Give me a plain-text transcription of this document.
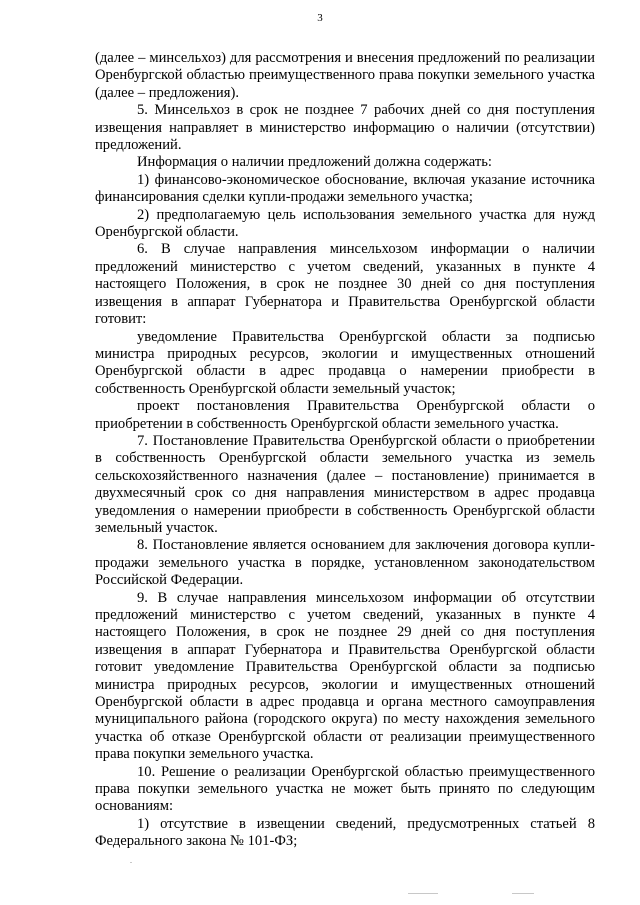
3

(далее – минсельхоз) для рассмотрения и внесения предложений по реализации Оренбургской областью преимущественного права покупки земельного участка (далее – предложения).

5. Минсельхоз в срок не позднее 7 рабочих дней со дня поступления извещения направляет в министерство информацию о наличии (отсутствии) предложений.

Информация о наличии предложений должна содержать:

1) финансово-экономическое обоснование, включая указание источника финансирования сделки купли-продажи земельного участка;

2) предполагаемую цель использования земельного участка для нужд Оренбургской области.

6. В случае направления минсельхозом информации о наличии предложений министерство с учетом сведений, указанных в пункте 4 настоящего Положения, в срок не позднее 30 дней со дня поступления извещения в аппарат Губернатора и Правительства Оренбургской области готовит:

уведомление Правительства Оренбургской области за подписью министра природных ресурсов, экологии и имущественных отношений Оренбургской области в адрес продавца о намерении приобрести в собственность Оренбургской области земельный участок;

проект постановления Правительства Оренбургской области о приобретении в собственность Оренбургской области земельного участка.

7. Постановление Правительства Оренбургской области о приобретении в собственность Оренбургской области земельного участка из земель сельскохозяйственного назначения (далее – постановление) принимается в двухмесячный срок со дня направления министерством в адрес продавца уведомления о намерении приобрести в собственность Оренбургской области земельный участок.

8. Постановление является основанием для заключения договора купли-продажи земельного участка в порядке, установленном законодательством Российской Федерации.

9. В случае направления минсельхозом информации об отсутствии предложений министерство с учетом сведений, указанных в пункте 4 настоящего Положения, в срок не позднее 29 дней со дня поступления извещения в аппарат Губернатора и Правительства Оренбургской области готовит уведомление Правительства Оренбургской области за подписью министра природных ресурсов, экологии и имущественных отношений Оренбургской области в адрес продавца и органа местного самоуправления муниципального района (городского округа) по месту нахождения земельного участка об отказе Оренбургской области от реализации преимущественного права покупки земельного участка.

10. Решение о реализации Оренбургской областью преимущественного права покупки земельного участка не может быть принято по следующим основаниям:

1) отсутствие в извещении сведений, предусмотренных статьей 8 Федерального закона № 101-ФЗ;
